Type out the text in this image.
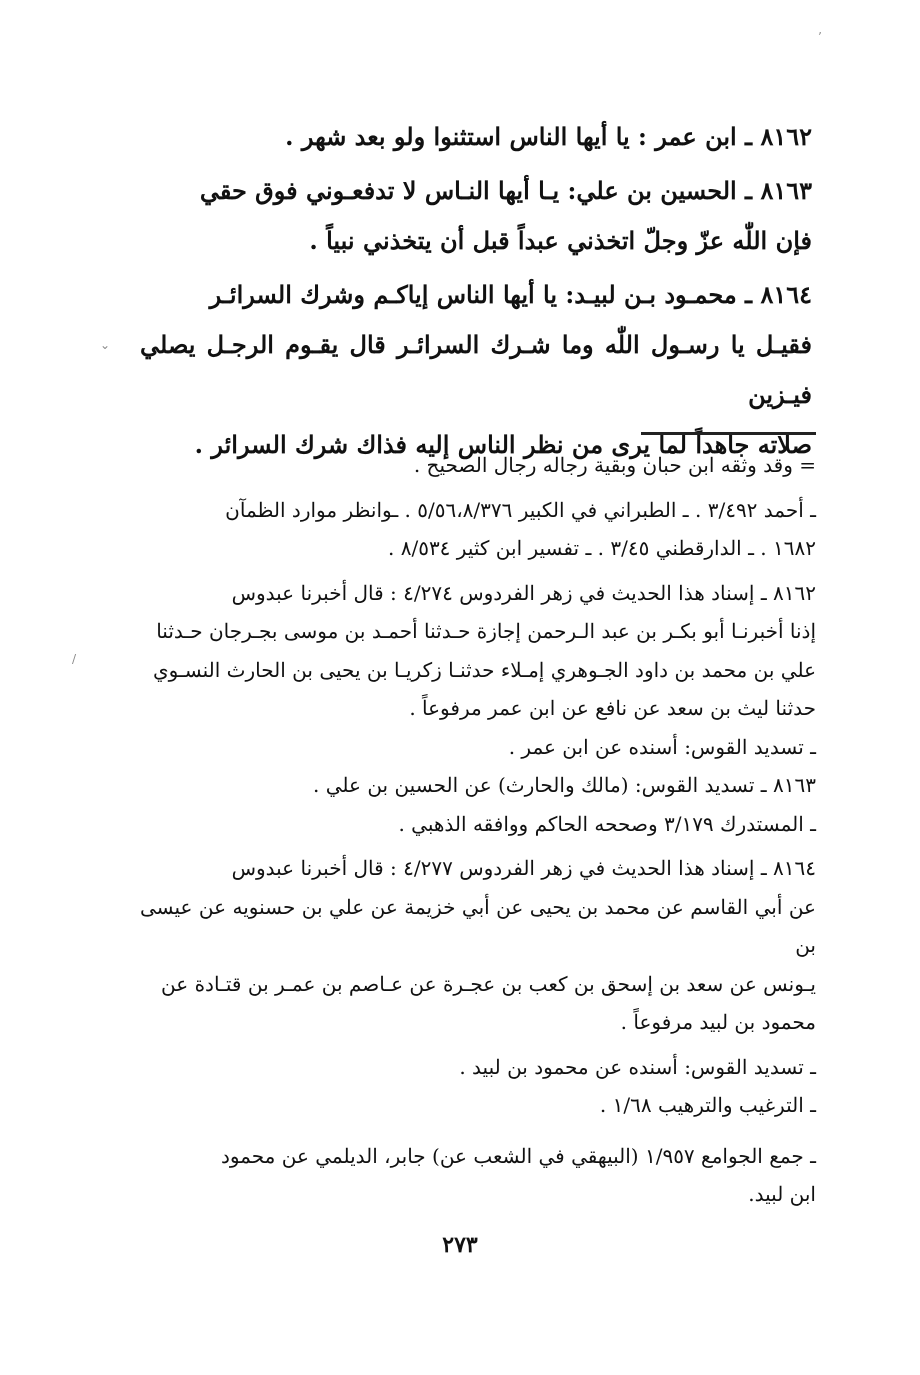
’
⌄
/

٨١٦٢ ـ ابن عمر : يا أيها الناس استثنوا ولو بعد شهر .

٨١٦٣ ـ الحسين بن علي: يـا أيها النـاس لا تدفعـوني فوق حقي

فإن اللّٰه عزّ وجلّ اتخذني عبداً قبل أن يتخذني نبياً .

٨١٦٤ ـ محمـود بـن لبيـد: يا أيها الناس إياكـم وشرك السرائـر

فقيـل يا رسـول اللّٰه وما شـرك السرائـر قال يقـوم الرجـل يصلي فيـزين

صلاته جاهداً لما يرى من نظر الناس إليه فذاك شرك السرائر .

= وقد وثقه ابن حبان وبقية رجاله رجال الصحيح .

ـ أحمد ٣/٤٩٢ . ـ الطبراني في الكبير ٥/٥٦،٨/٣٧٦ . ـوانظر موارد الظمآن

١٦٨٢ . ـ الدارقطني ٣/٤٥ . ـ تفسير ابن كثير ٨/٥٣٤ .

٨١٦٢ ـ إسناد هذا الحديث في زهر الفردوس ٤/٢٧٤ : قال أخبرنا عبدوس

إذنا أخبرنـا أبو بكـر بن عبد الـرحمن إجازة حـدثنا أحمـد بن موسى بجـرجان حـدثنا

علي بن محمد بن داود الجـوهري إمـلاء حدثنـا زكريـا بن يحيى بن الحارث النسـوي

حدثنا ليث بن سعد عن نافع عن ابن عمر مرفوعاً .

ـ تسديد القوس: أسنده عن ابن عمر .

٨١٦٣ ـ تسديد القوس: (مالك والحارث) عن الحسين بن علي .

ـ المستدرك ٣/١٧٩ وصححه الحاكم ووافقه الذهبي .

٨١٦٤ ـ إسناد هذا الحديث في زهر الفردوس ٤/٢٧٧ : قال أخبرنا عبدوس

عن أبي القاسم عن محمد بن يحيى عن أبي خزيمة عن علي بن حسنويه عن عيسى بن

يـونس عن سعد بن إسحق بن كعب بن عجـرة عن عـاصم بن عمـر بن قتـادة عن

محمود بن لبيد مرفوعاً .

ـ تسديد القوس: أسنده عن محمود بن لبيد .

ـ الترغيب والترهيب ١/٦٨ .

ـ جمع الجوامع ١/٩٥٧ (البيهقي في الشعب عن) جابر، الديلمي عن محمود

ابن لبيد.

٢٧٣
